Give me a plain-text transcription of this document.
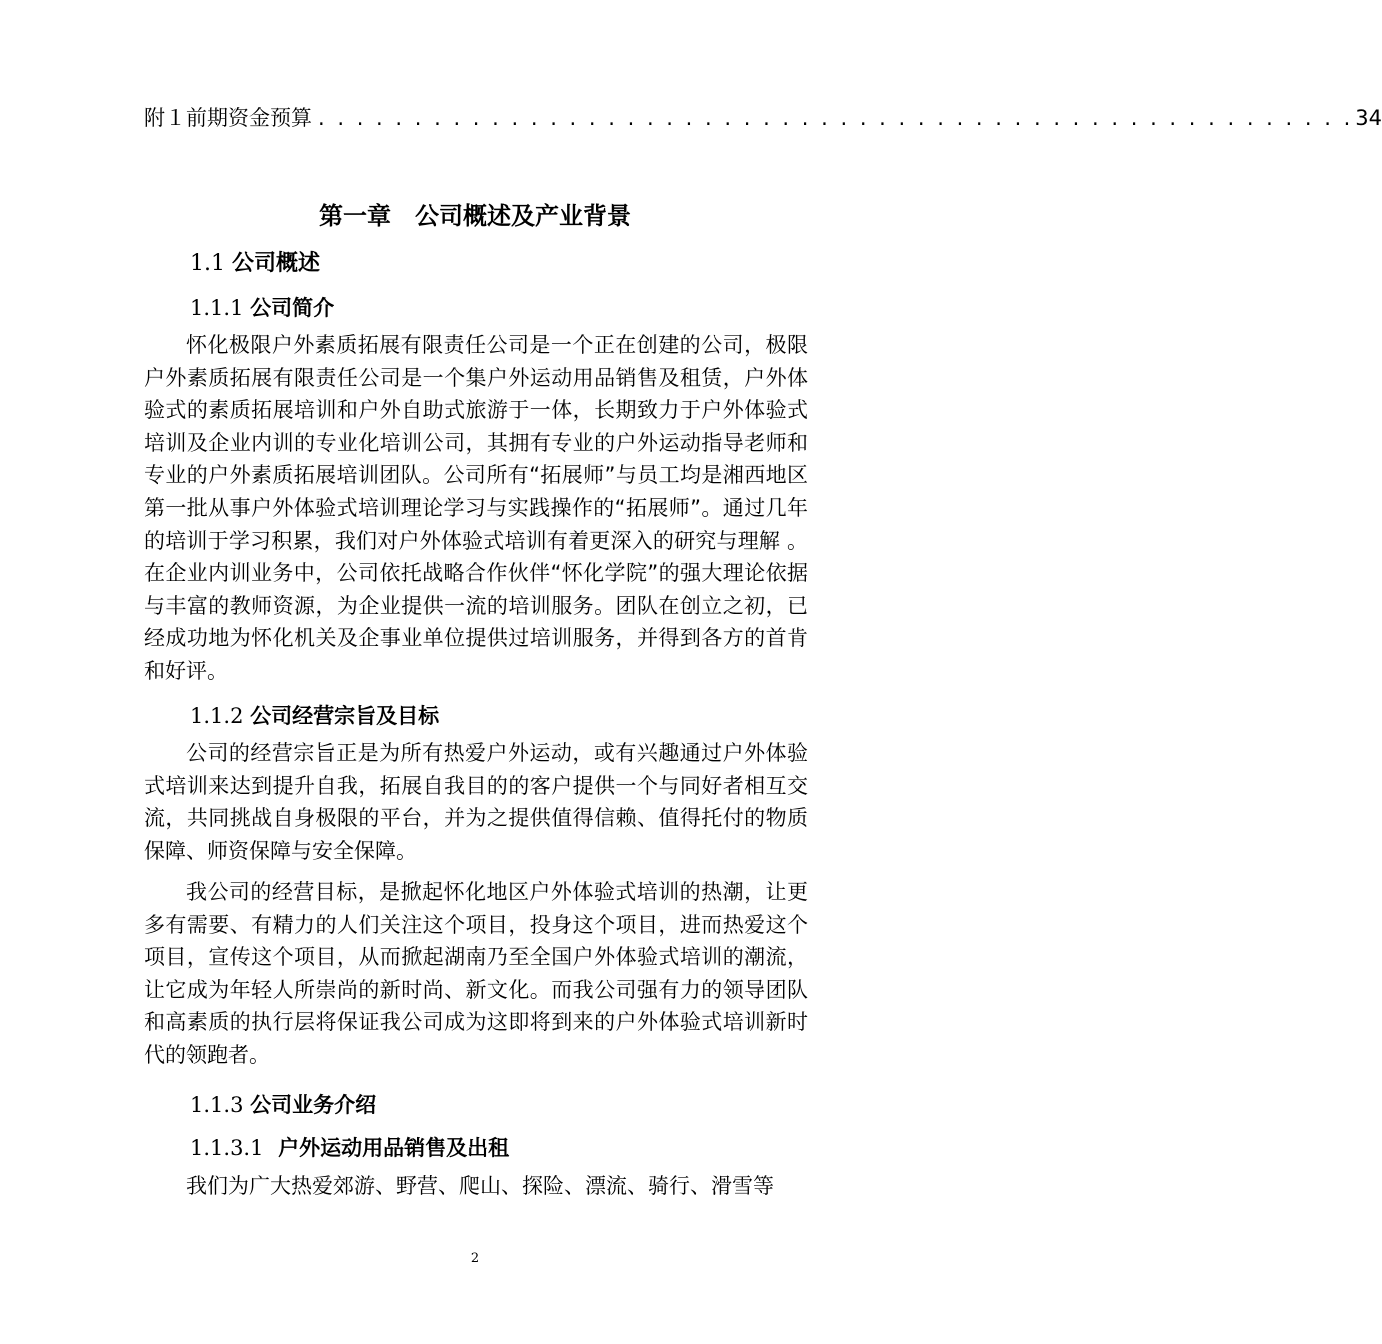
附１前期资金预算 . . . . . . . . . . . . . . . . . . . . . . . . . . . . . . . . . . . . . . . . . . . . . . . . . . . . . . 34
第一章　公司概述及产业背景
1.1 公司概述
1.1.1 公司简介

怀化极限户外素质拓展有限责任公司是一个正在创建的公司，极限户外素质拓展有限责任公司是一个集户外运动用品销售及租赁，户外体验式的素质拓展培训和户外自助式旅游于一体，长期致力于户外体验式培训及企业内训的专业化培训公司，其拥有专业的户外运动指导老师和专业的户外素质拓展培训团队。公司所有“拓展师”与员工均是湘西地区第一批从事户外体验式培训理论学习与实践操作的“拓展师”。通过几年的培训于学习积累，我们对户外体验式培训有着更深入的研究与理解 。在企业内训业务中，公司依托战略合作伙伴“怀化学院”的强大理论依据与丰富的教师资源，为企业提供一流的培训服务。团队在创立之初，已经成功地为怀化机关及企事业单位提供过培训服务，并得到各方的首肯和好评。

1.1.2 公司经营宗旨及目标

公司的经营宗旨正是为所有热爱户外运动，或有兴趣通过户外体验式培训来达到提升自我，拓展自我目的的客户提供一个与同好者相互交流，共同挑战自身极限的平台，并为之提供值得信赖、值得托付的物质保障、师资保障与安全保障。

我公司的经营目标，是掀起怀化地区户外体验式培训的热潮，让更多有需要、有精力的人们关注这个项目，投身这个项目，进而热爱这个项目，宣传这个项目，从而掀起湖南乃至全国户外体验式培训的潮流，让它成为年轻人所崇尚的新时尚、新文化。而我公司强有力的领导团队和高素质的执行层将保证我公司成为这即将到来的户外体验式培训新时代的领跑者。

1.1.3 公司业务介绍
1.1.3.1 户外运动用品销售及出租

我们为广大热爱郊游、野营、爬山、探险、漂流、骑行、滑雪等

2
